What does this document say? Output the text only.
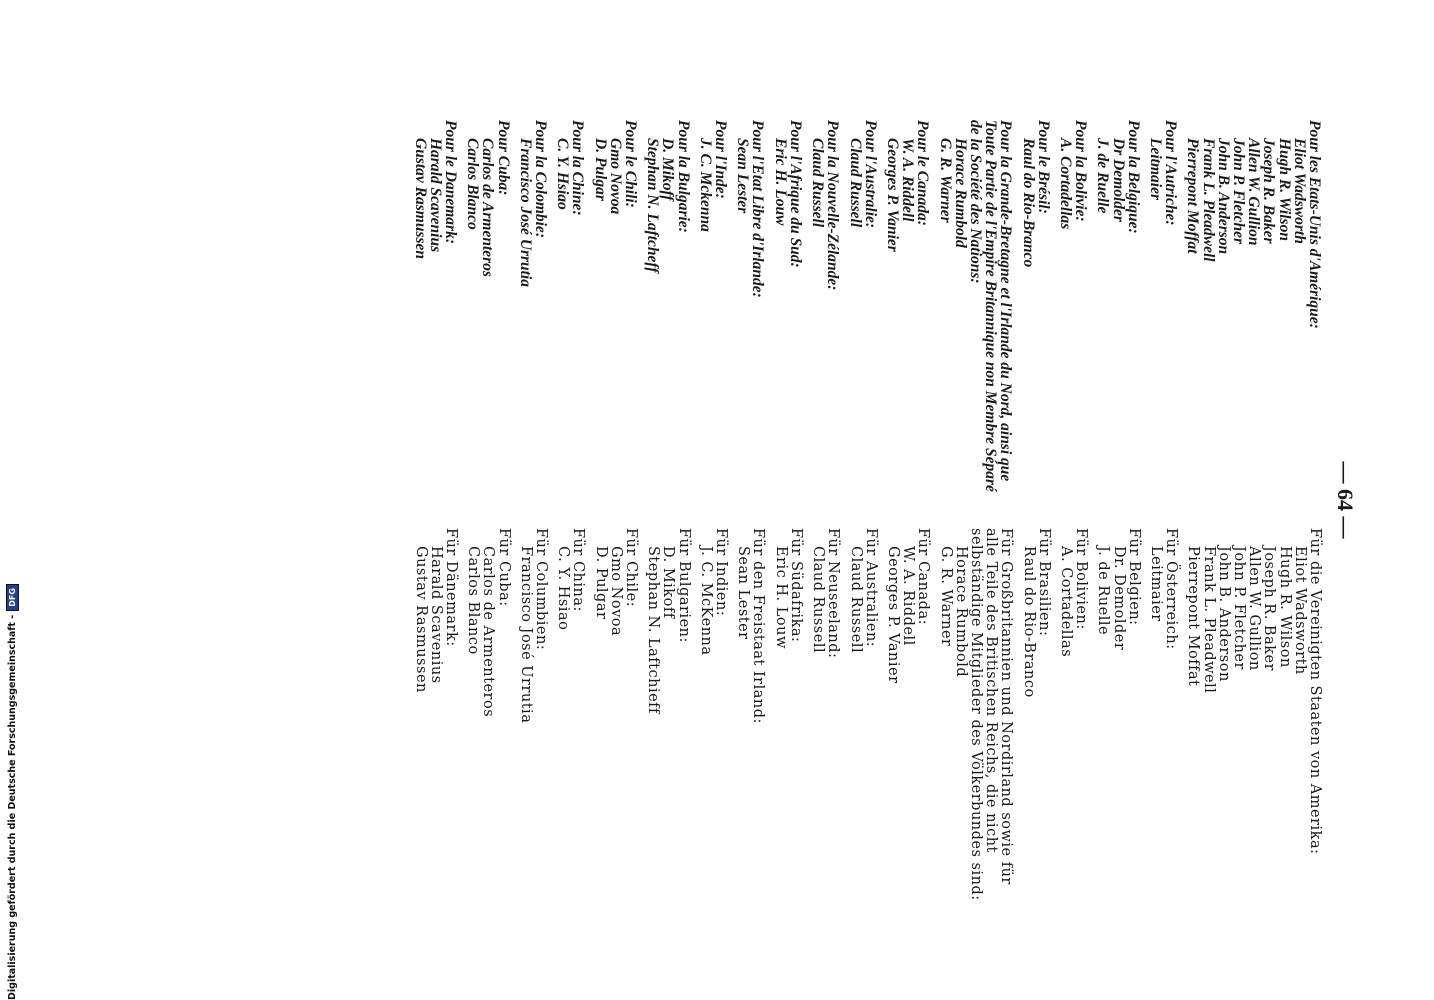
— 64 —
Pour les Etats-Unis d'Amérique:
Eliot Wadsworth
Hugh R. Wilson
Joseph R. Baker
Allen W. Gullion
John P. Fletcher
John B. Anderson
Frank L. Pleadwell
Pierrepont Moffat
Pour l'Autriche:
Leitmaier
Pour la Belgique:
Dr Demolder
J. de Ruelle
Pour la Bolivie:
A. Cortadellas
Pour le Brésil:
Raul do Rio-Branco
Pour la Grande-Bretagne et l'Irlande du Nord, ainsi que Toute Partie de l'Empire Britannique non Membre Séparé de la Société des Nations:
Horace Rumbold
G. R. Warner
Pour le Canada:
W. A. Riddell
Georges P. Vanier
Pour l'Australie:
Claud Russell
Pour la Nouvelle-Zélande:
Claud Russell
Pour l'Afrique du Sud:
Eric H. Louw
Pour l'Etat Libre d'Irlande:
Sean Lester
Pour l'Inde:
J. C. Mckenna
Pour la Bulgarie:
D. Mikoff
Stephan N. Laftcheff
Pour le Chili:
Gmo Novoa
D. Pulgar
Pour la Chine:
C. Y. Hsiao
Pour la Colombie:
Francisco José Urrutia
Pour Cuba:
Carlos de Armenteros
Carlos Blanco
Pour le Danemark:
Harald Scavenius
Gustav Rasmussen
Für die Vereinigten Staaten von Amerika:
Eliot Wadsworth
Hugh R. Wilson
Joseph R. Baker
Allen W. Gullion
John P. Fletcher
John B. Anderson
Frank L. Pleadwell
Pierrepont Moffat
Für Österreich:
Leitmaier
Für Belgien:
Dr. Demolder
J. de Ruelle
Für Bolivien:
A. Cortadellas
Für Brasilien:
Raul do Rio-Branco
Für Großbritannien und Nordirland sowie für alle Teile des Britischen Reichs, die nicht selbständige Mitglieder des Völkerbundes sind:
Horace Rumbold
G. R. Warner
Für Canada:
W. A. Riddell
Georges P. Vanier
Für Australien:
Claud Russell
Für Neuseeland:
Claud Russell
Für Südafrika:
Eric H. Louw
Für den Freistaat Irland:
Sean Lester
Für Indien:
J. C. McKenna
Für Bulgarien:
D. Mikoff
Stephan N. Laftchieff
Für Chile:
Gmo Novoa
D. Pulgar
Für China:
C. Y. Hsiao
Für Columbien:
Francisco José Urrutia
Für Cuba:
Carlos de Armenteros
Carlos Blanco
Für Dänemark:
Harald Scavenius
Gustav Rasmussen
Digitalisierung gefördert durch die Deutsche Forschungsgemeinschaft -
DFG
